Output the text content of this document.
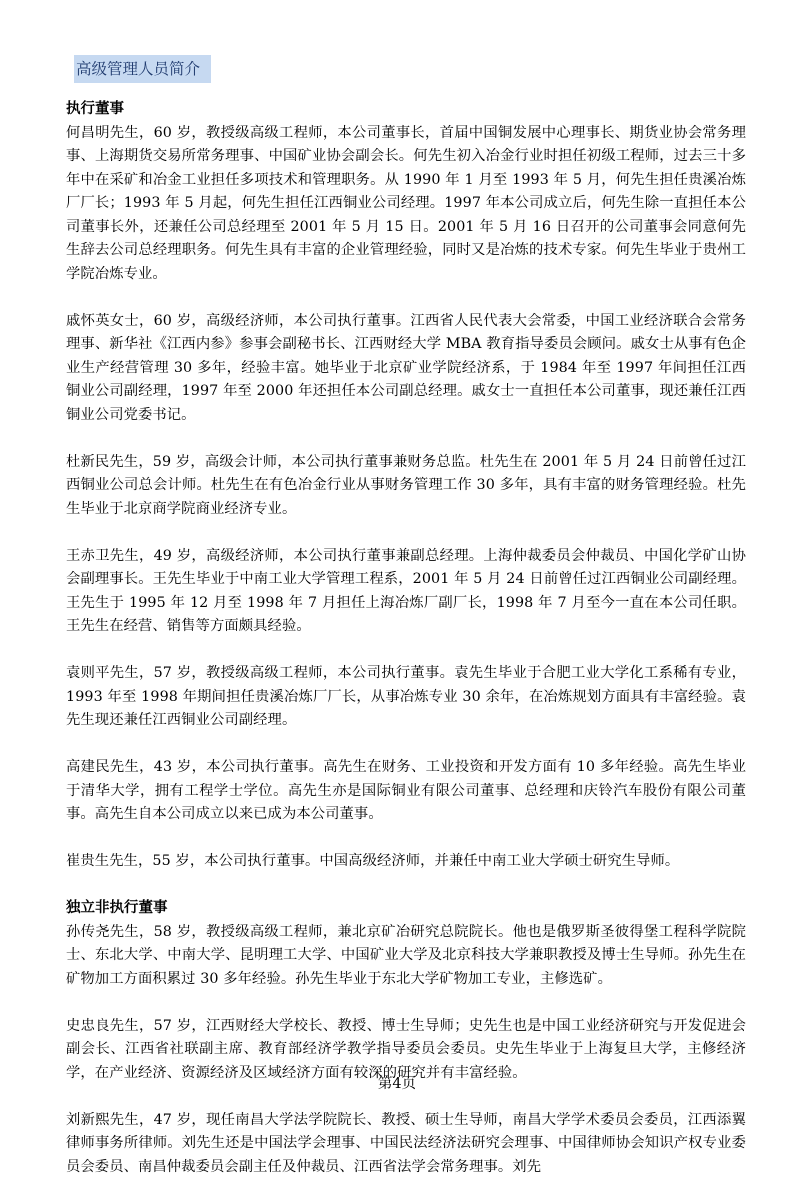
高级管理人员简介

执行董事

何昌明先生，60 岁，教授级高级工程师，本公司董事长，首届中国铜发展中心理事长、期货业协会常务理事、上海期货交易所常务理事、中国矿业协会副会长。何先生初入冶金行业时担任初级工程师，过去三十多年中在采矿和冶金工业担任多项技术和管理职务。从 1990 年 1 月至 1993 年 5 月，何先生担任贵溪冶炼厂厂长；1993 年 5 月起，何先生担任江西铜业公司经理。1997 年本公司成立后，何先生除一直担任本公司董事长外，还兼任公司总经理至 2001 年 5 月 15 日。2001 年 5 月 16 日召开的公司董事会同意何先生辞去公司总经理职务。何先生具有丰富的企业管理经验，同时又是冶炼的技术专家。何先生毕业于贵州工学院冶炼专业。

戚怀英女士，60 岁，高级经济师，本公司执行董事。江西省人民代表大会常委，中国工业经济联合会常务理事、新华社《江西内参》参事会副秘书长、江西财经大学 MBA 教育指导委员会顾问。戚女士从事有色企业生产经营管理 30 多年，经验丰富。她毕业于北京矿业学院经济系，于 1984 年至 1997 年间担任江西铜业公司副经理，1997 年至 2000 年还担任本公司副总经理。戚女士一直担任本公司董事，现还兼任江西铜业公司党委书记。

杜新民先生，59 岁，高级会计师，本公司执行董事兼财务总监。杜先生在 2001 年 5 月 24 日前曾任过江西铜业公司总会计师。杜先生在有色冶金行业从事财务管理工作 30 多年，具有丰富的财务管理经验。杜先生毕业于北京商学院商业经济专业。

王赤卫先生，49 岁，高级经济师，本公司执行董事兼副总经理。上海仲裁委员会仲裁员、中国化学矿山协会副理事长。王先生毕业于中南工业大学管理工程系，2001 年 5 月 24 日前曾任过江西铜业公司副经理。王先生于 1995 年 12 月至 1998 年 7 月担任上海冶炼厂副厂长，1998 年 7 月至今一直在本公司任职。王先生在经营、销售等方面颇具经验。

袁则平先生，57 岁，教授级高级工程师，本公司执行董事。袁先生毕业于合肥工业大学化工系稀有专业，1993 年至 1998 年期间担任贵溪冶炼厂厂长，从事冶炼专业 30 余年，在冶炼规划方面具有丰富经验。袁先生现还兼任江西铜业公司副经理。

高建民先生，43 岁，本公司执行董事。高先生在财务、工业投资和开发方面有 10 多年经验。高先生毕业于清华大学，拥有工程学士学位。高先生亦是国际铜业有限公司董事、总经理和庆铃汽车股份有限公司董事。高先生自本公司成立以来已成为本公司董事。

崔贵生先生，55 岁，本公司执行董事。中国高级经济师，并兼任中南工业大学硕士研究生导师。

独立非执行董事

孙传尧先生，58 岁，教授级高级工程师，兼北京矿冶研究总院院长。他也是俄罗斯圣彼得堡工程科学院院士、东北大学、中南大学、昆明理工大学、中国矿业大学及北京科技大学兼职教授及博士生导师。孙先生在矿物加工方面积累过 30 多年经验。孙先生毕业于东北大学矿物加工专业，主修选矿。

史忠良先生，57 岁，江西财经大学校长、教授、博士生导师；史先生也是中国工业经济研究与开发促进会副会长、江西省社联副主席、教育部经济学教学指导委员会委员。史先生毕业于上海复旦大学，主修经济学，在产业经济、资源经济及区域经济方面有较深的研究并有丰富经验。

刘新熙先生，47 岁，现任南昌大学法学院院长、教授、硕士生导师，南昌大学学术委员会委员，江西添翼律师事务所律师。刘先生还是中国法学会理事、中国民法经济法研究会理事、中国律师协会知识产权专业委员会委员、南昌仲裁委员会副主任及仲裁员、江西省法学会常务理事。刘先

第4页
